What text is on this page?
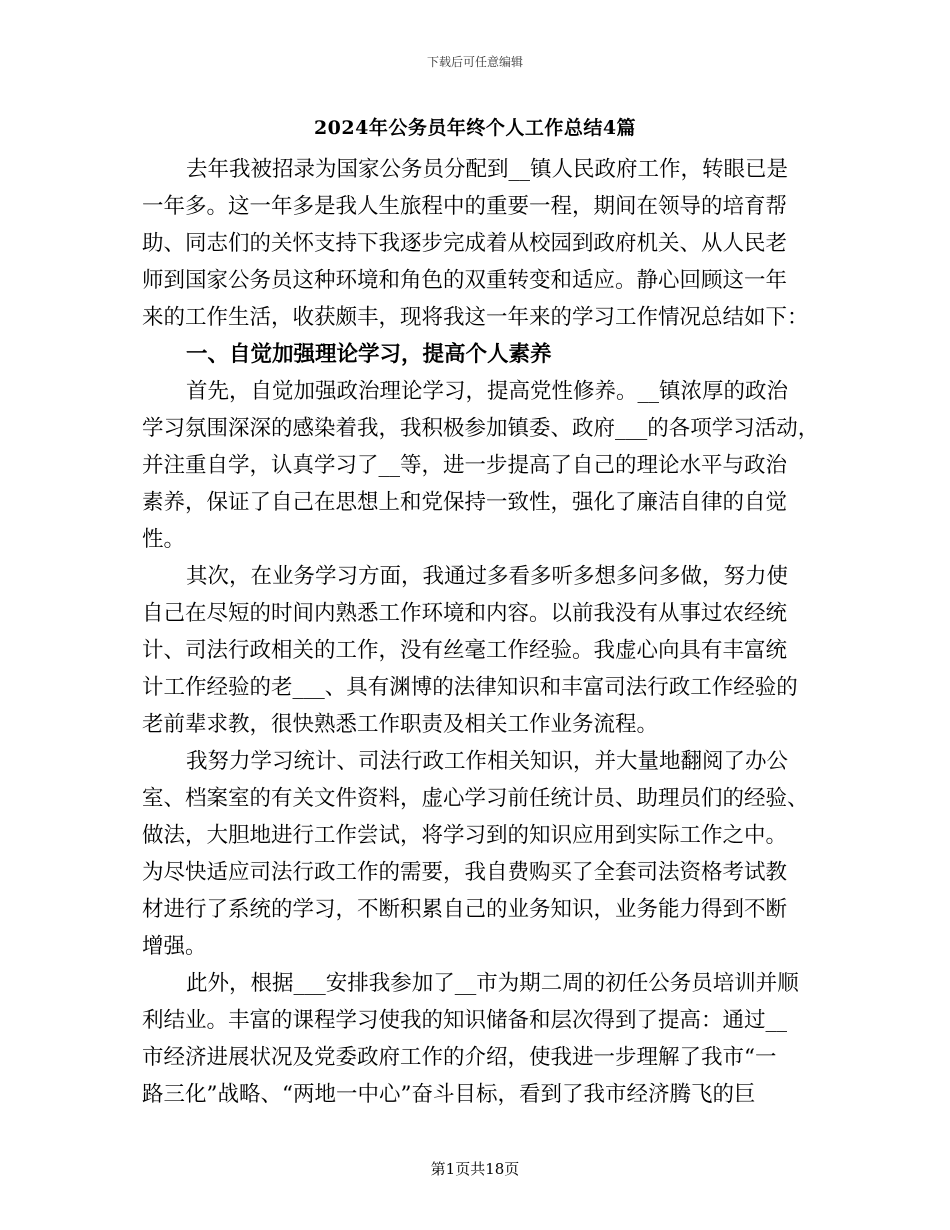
下载后可任意编辑
2024年公务员年终个人工作总结4篇
去年我被招录为国家公务员分配到__镇人民政府工作，转眼已是
一年多。这一年多是我人生旅程中的重要一程，期间在领导的培育帮
助、同志们的关怀支持下我逐步完成着从校园到政府机关、从人民老
师到国家公务员这种环境和角色的双重转变和适应。静心回顾这一年
来的工作生活，收获颇丰，现将我这一年来的学习工作情况总结如下：
一、自觉加强理论学习，提高个人素养
首先，自觉加强政治理论学习，提高党性修养。__镇浓厚的政治
学习氛围深深的感染着我，我积极参加镇委、政府___的各项学习活动，
并注重自学，认真学习了__等，进一步提高了自己的理论水平与政治
素养，保证了自己在思想上和党保持一致性，强化了廉洁自律的自觉
性。
其次，在业务学习方面，我通过多看多听多想多问多做，努力使
自己在尽短的时间内熟悉工作环境和内容。以前我没有从事过农经统
计、司法行政相关的工作，没有丝毫工作经验。我虚心向具有丰富统
计工作经验的老___、具有渊博的法律知识和丰富司法行政工作经验的
老前辈求教，很快熟悉工作职责及相关工作业务流程。
我努力学习统计、司法行政工作相关知识，并大量地翻阅了办公
室、档案室的有关文件资料，虚心学习前任统计员、助理员们的经验、
做法，大胆地进行工作尝试，将学习到的知识应用到实际工作之中。
为尽快适应司法行政工作的需要，我自费购买了全套司法资格考试教
材进行了系统的学习，不断积累自己的业务知识，业务能力得到不断
增强。
此外，根据___安排我参加了__市为期二周的初任公务员培训并顺
利结业。丰富的课程学习使我的知识储备和层次得到了提高：通过__
市经济进展状况及党委政府工作的介绍，使我进一步理解了我市“一
路三化”战略、“两地一中心”奋斗目标，看到了我市经济腾飞的巨
第1页共18页
